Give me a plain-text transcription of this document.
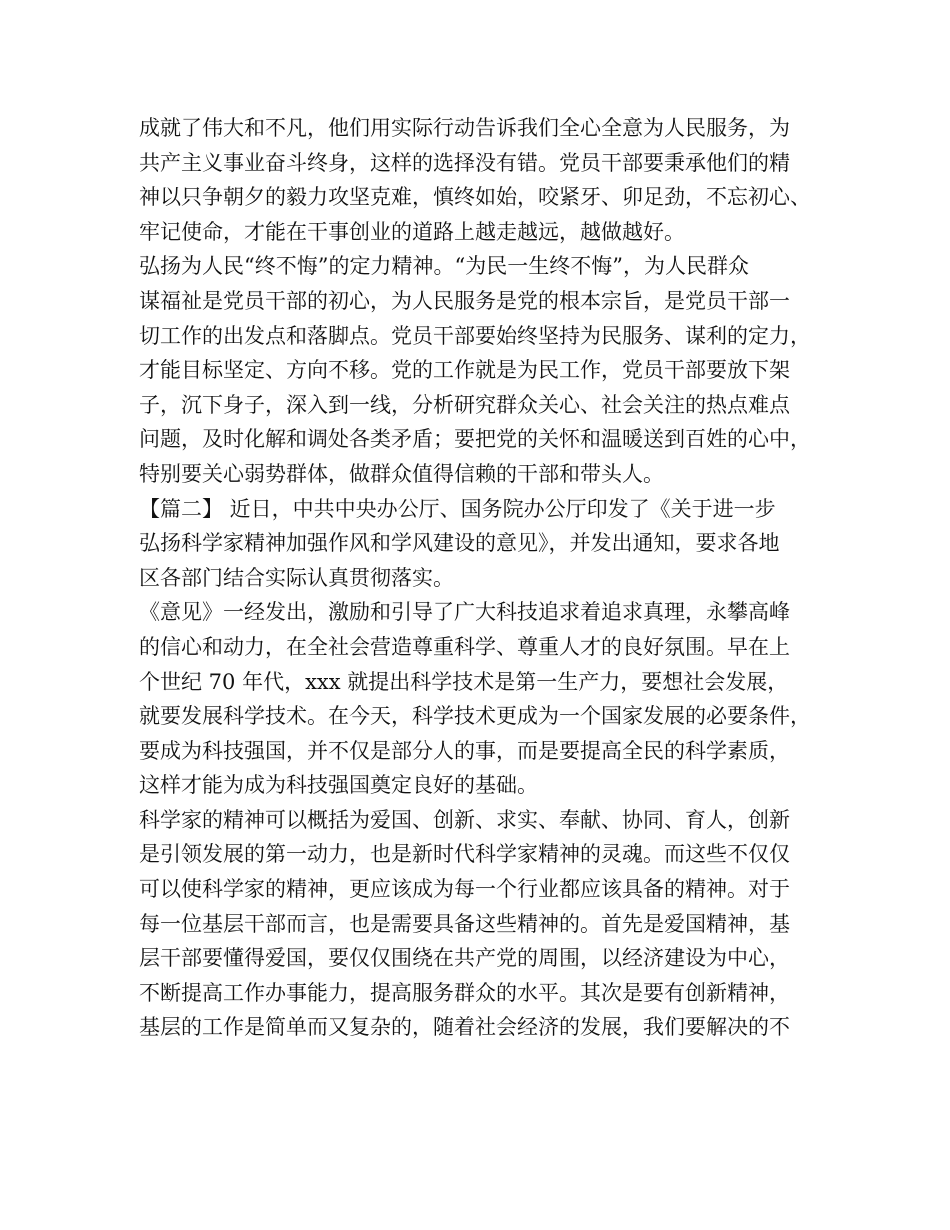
成就了伟大和不凡，他们用实际行动告诉我们全心全意为人民服务，为
共产主义事业奋斗终身，这样的选择没有错。党员干部要秉承他们的精
神以只争朝夕的毅力攻坚克难，慎终如始，咬紧牙、卯足劲，不忘初心、
牢记使命，才能在干事创业的道路上越走越远，越做越好。

弘扬为人民“终不悔”的定力精神。“为民一生终不悔”，为人民群众
谋福祉是党员干部的初心，为人民服务是党的根本宗旨，是党员干部一
切工作的出发点和落脚点。党员干部要始终坚持为民服务、谋利的定力，
才能目标坚定、方向不移。党的工作就是为民工作，党员干部要放下架
子，沉下身子，深入到一线，分析研究群众关心、社会关注的热点难点
问题，及时化解和调处各类矛盾；要把党的关怀和温暖送到百姓的心中，
特别要关心弱势群体，做群众值得信赖的干部和带头人。

【篇二】 近日，中共中央办公厅、国务院办公厅印发了《关于进一步
弘扬科学家精神加强作风和学风建设的意见》，并发出通知，要求各地
区各部门结合实际认真贯彻落实。

《意见》一经发出，激励和引导了广大科技追求着追求真理，永攀高峰
的信心和动力，在全社会营造尊重科学、尊重人才的良好氛围。早在上
个世纪 70 年代，xxx 就提出科学技术是第一生产力，要想社会发展，
就要发展科学技术。在今天，科学技术更成为一个国家发展的必要条件，
要成为科技强国，并不仅是部分人的事，而是要提高全民的科学素质，
这样才能为成为科技强国奠定良好的基础。

科学家的精神可以概括为爱国、创新、求实、奉献、协同、育人，创新
是引领发展的第一动力，也是新时代科学家精神的灵魂。而这些不仅仅
可以使科学家的精神，更应该成为每一个行业都应该具备的精神。对于
每一位基层干部而言，也是需要具备这些精神的。首先是爱国精神，基
层干部要懂得爱国，要仅仅围绕在共产党的周围，以经济建设为中心，
不断提高工作办事能力，提高服务群众的水平。其次是要有创新精神，
基层的工作是简单而又复杂的，随着社会经济的发展，我们要解决的不
